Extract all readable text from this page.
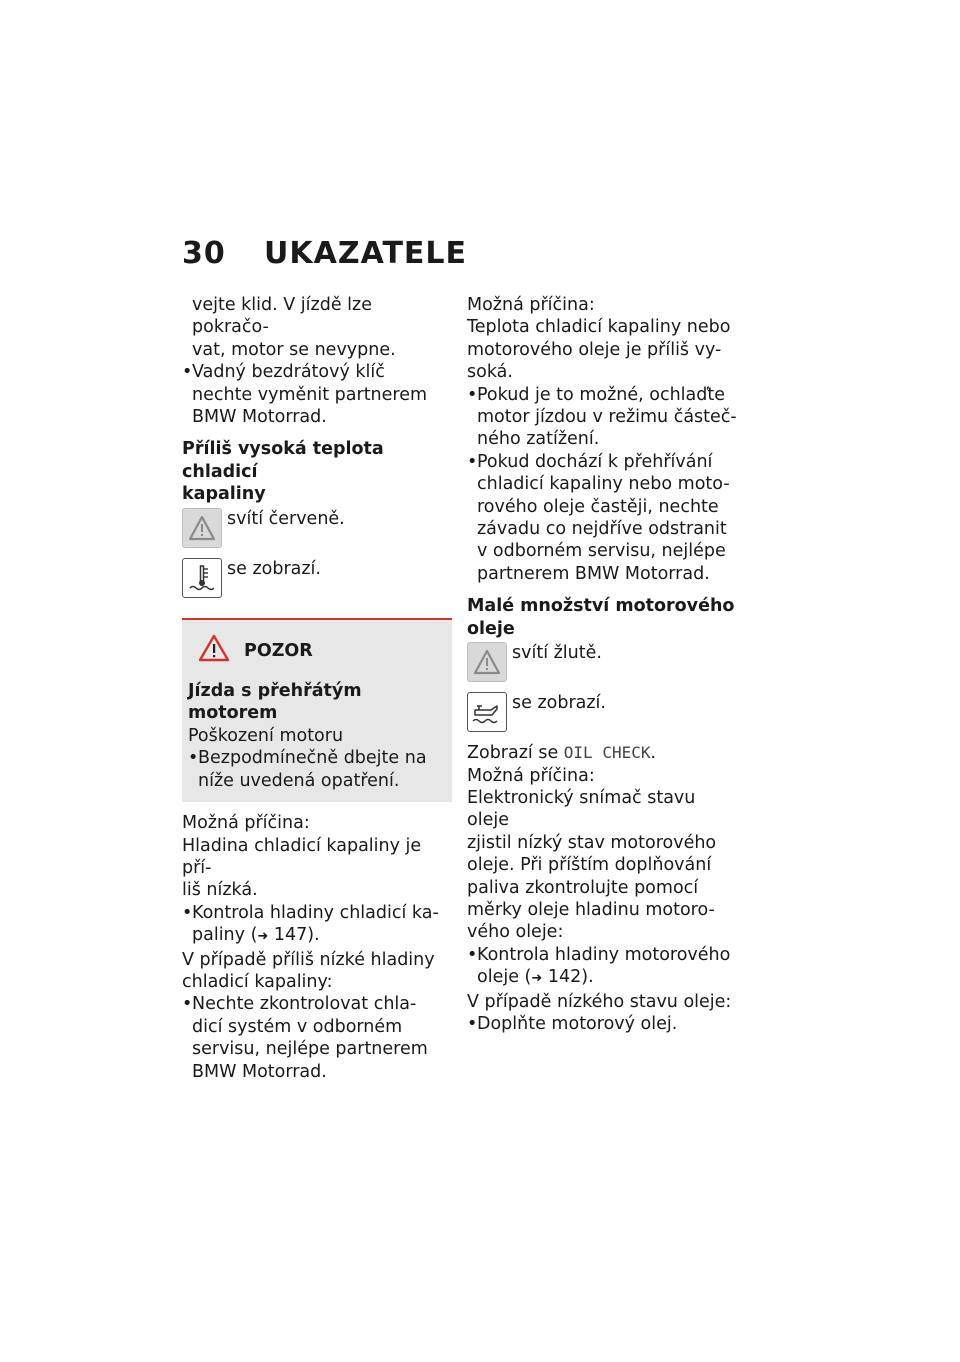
30	UKAZATELE

vejte klid. V jízdě lze pokračo-

vat, motor se nevypne.

• Vadný bezdrátový klíč

nechte vyměnit partnerem

BMW Motorrad.

Příliš vysoká teplota chladicí

kapaliny

svítí červeně.
se zobrazí.
POZOR

Jízda s přehřátým motorem

Poškození motoru

• Bezpodmínečně dbejte na

níže uvedená opatření.

Možná příčina:

Hladina chladicí kapaliny je pří-

liš nízká.

• Kontrola hladiny chladicí ka-

paliny (➜ 147).

V případě příliš nízké hladiny

chladicí kapaliny:

• Nechte zkontrolovat chla-

dicí systém v odborném

servisu, nejlépe partnerem

BMW Motorrad.

Možná příčina:

Teplota chladicí kapaliny nebo

motorového oleje je příliš vy-

soká.

• Pokud je to možné, ochlaďte

motor jízdou v režimu částeč-

ného zatížení.

• Pokud dochází k přehřívání

chladicí kapaliny nebo moto-

rového oleje častěji, nechte

závadu co nejdříve odstranit

v odborném servisu, nejlépe

partnerem BMW Motorrad.

Malé množství motorového

oleje

svítí žlutě.
se zobrazí.

Zobrazí se OIL CHECK.

Možná příčina:

Elektronický snímač stavu oleje

zjistil nízký stav motorového

oleje. Při příštím doplňování

paliva zkontrolujte pomocí

měrky oleje hladinu motoro-

vého oleje:

• Kontrola hladiny motorového

oleje (➜ 142).

V případě nízkého stavu oleje:

• Doplňte motorový olej.
